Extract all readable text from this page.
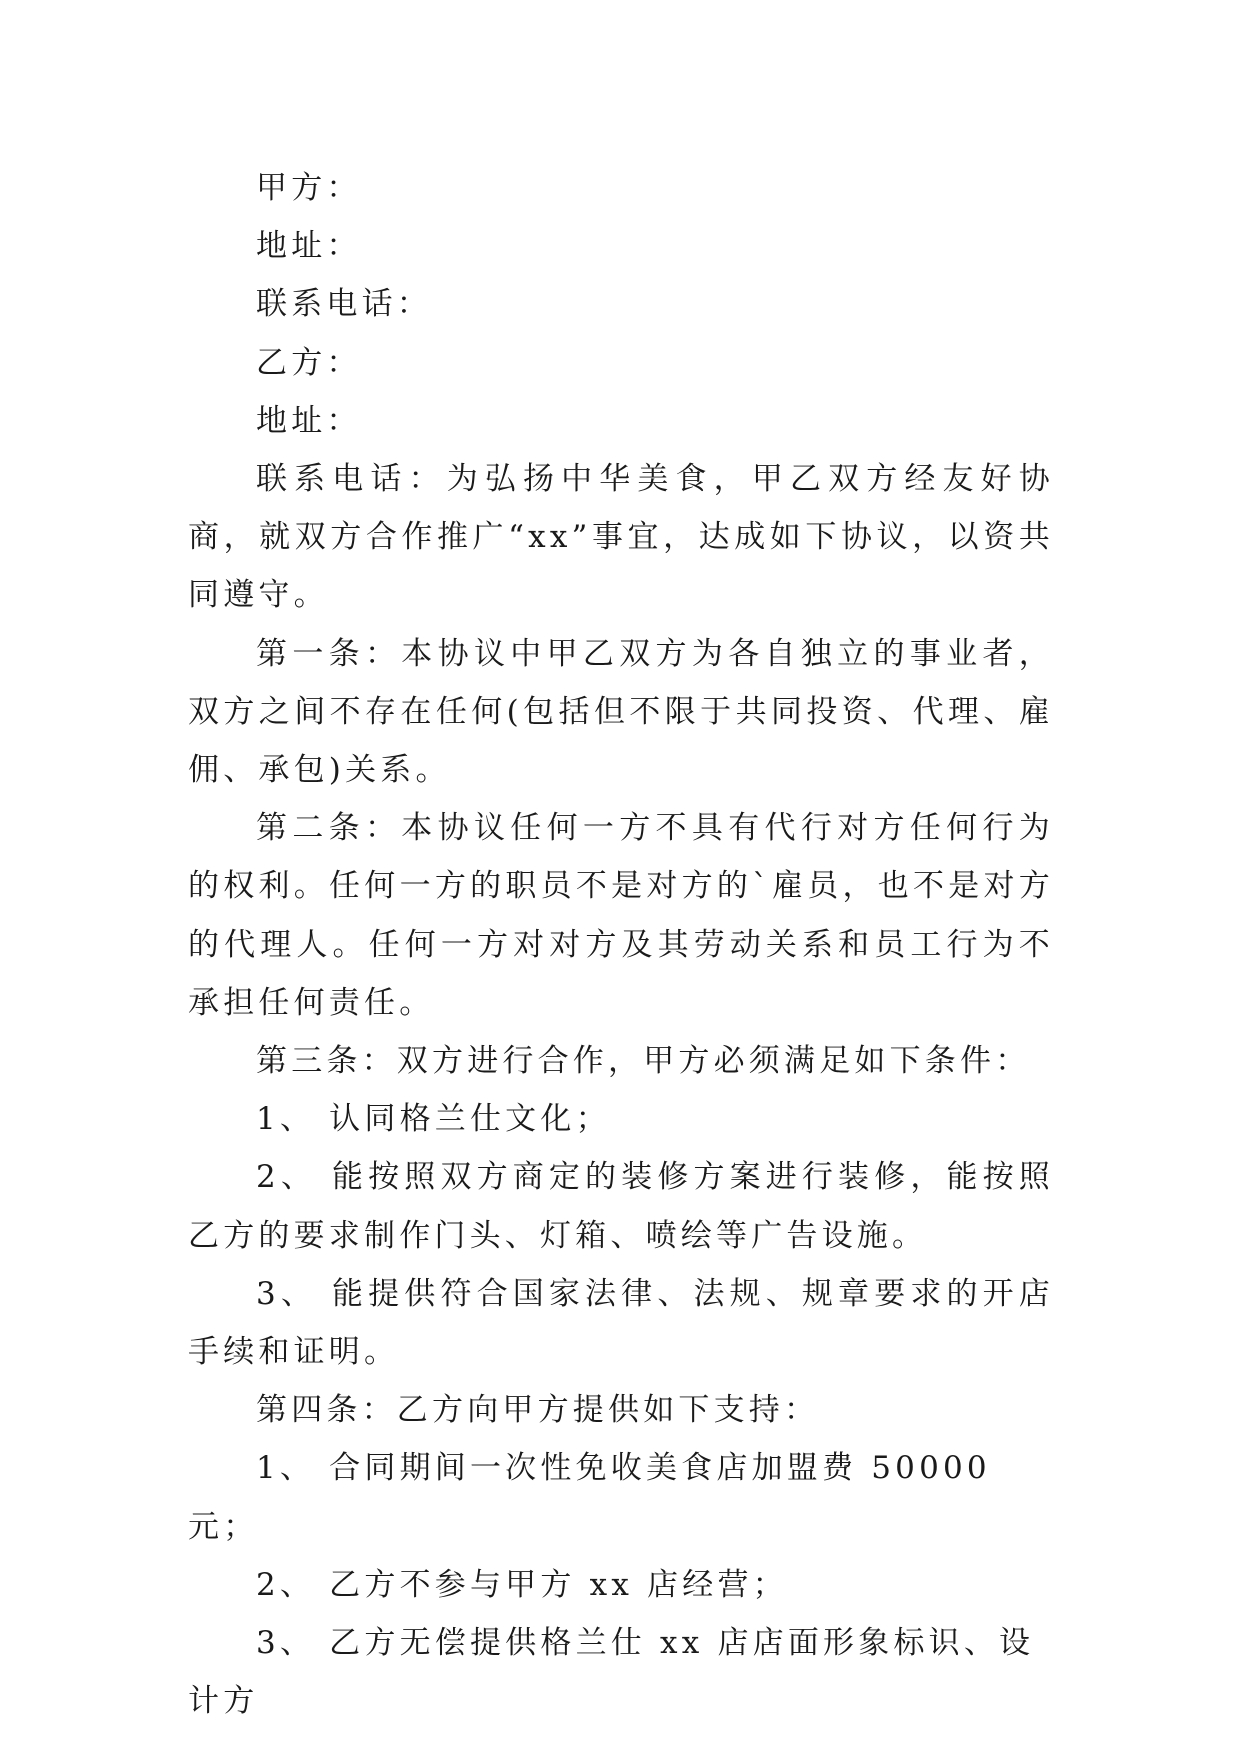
甲方：

地址：

联系电话：

乙方：

地址：

联系电话：为弘扬中华美食，甲乙双方经友好协商，就双方合作推广“xx”事宜，达成如下协议，以资共同遵守。

第一条：本协议中甲乙双方为各自独立的事业者，双方之间不存在任何(包括但不限于共同投资、代理、雇佣、承包)关系。

第二条：本协议任何一方不具有代行对方任何行为的权利。任何一方的职员不是对方的`雇员，也不是对方的代理人。任何一方对对方及其劳动关系和员工行为不承担任何责任。

第三条：双方进行合作，甲方必须满足如下条件：

1、 认同格兰仕文化；

2、 能按照双方商定的装修方案进行装修，能按照乙方的要求制作门头、灯箱、喷绘等广告设施。

3、 能提供符合国家法律、法规、规章要求的开店手续和证明。

第四条：乙方向甲方提供如下支持：

1、 合同期间一次性免收美食店加盟费 50000 元；

2、 乙方不参与甲方 xx 店经营；

3、 乙方无偿提供格兰仕 xx 店店面形象标识、设计方
